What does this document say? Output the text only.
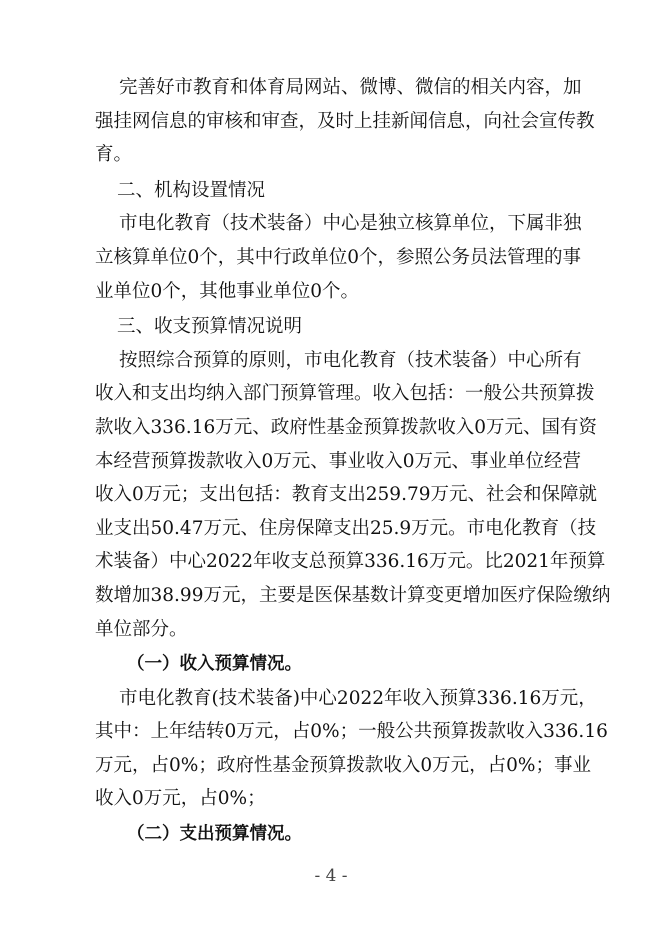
完善好市教育和体育局网站、微博、微信的相关内容，加
强挂网信息的审核和审查，及时上挂新闻信息，向社会宣传教
育。
二、机构设置情况
市电化教育（技术装备）中心是独立核算单位，下属非独
立核算单位0个，其中行政单位0个，参照公务员法管理的事
业单位0个，其他事业单位0个。
三、收支预算情况说明
按照综合预算的原则，市电化教育（技术装备）中心所有
收入和支出均纳入部门预算管理。收入包括：一般公共预算拨
款收入336.16万元、政府性基金预算拨款收入0万元、国有资
本经营预算拨款收入0万元、事业收入0万元、事业单位经营
收入0万元；支出包括：教育支出259.79万元、社会和保障就
业支出50.47万元、住房保障支出25.9万元。市电化教育（技
术装备）中心2022年收支总预算336.16万元。比2021年预算
数增加38.99万元，主要是医保基数计算变更增加医疗保险缴纳
单位部分。
（一）收入预算情况。
市电化教育(技术装备)中心2022年收入预算336.16万元，
其中：上年结转0万元，占0%；一般公共预算拨款收入336.16
万元，占0%；政府性基金预算拨款收入0万元，占0%；事业
收入0万元，占0%；
（二）支出预算情况。
- 4 -
